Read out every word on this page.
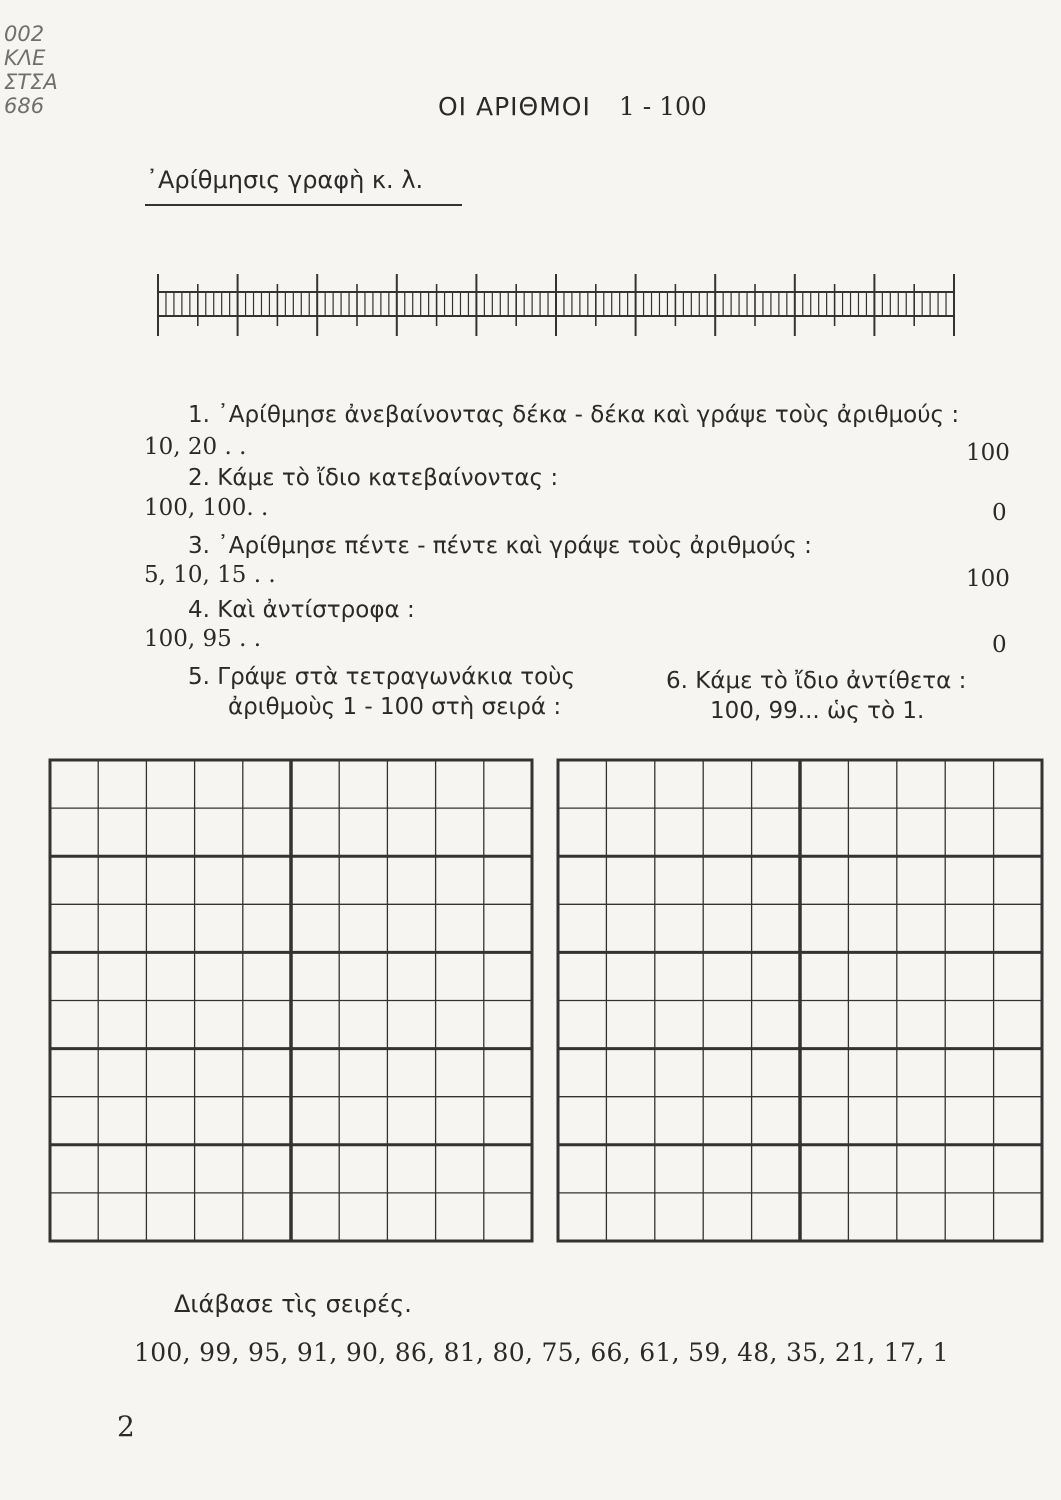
002
ΚΛΕ
ΣΤΣΑ
686	ΟΙ ΑΡΙΘΜΟΙ 1 - 100
᾿Αρίθμησις γραφὴ κ. λ.
1. ᾿Αρίθμησε ἀνεβαίνοντας δέκα - δέκα καὶ γράψε τοὺς ἀριθμούς :
10, 20 . .	100
2. Κάμε τὸ ἴδιο κατεβαίνοντας :
100, 100. .	0
3. ᾿Αρίθμησε πέντε - πέντε καὶ γράψε τοὺς ἀριθμούς :
5, 10, 15 . .	100
4. Καὶ ἀντίστροφα :
100, 95 . .	0
5. Γράψε στὰ τετραγωνάκια τοὺς
ἀριθμοὺς 1 - 100 στὴ σειρά :
6. Κάμε τὸ ἴδιο ἀντίθετα :
100, 99... ὡς τὸ 1.
Διάβασε τὶς σειρές.
100, 99, 95, 91, 90, 86, 81, 80, 75, 66, 61, 59, 48, 35, 21, 17, 1
2
